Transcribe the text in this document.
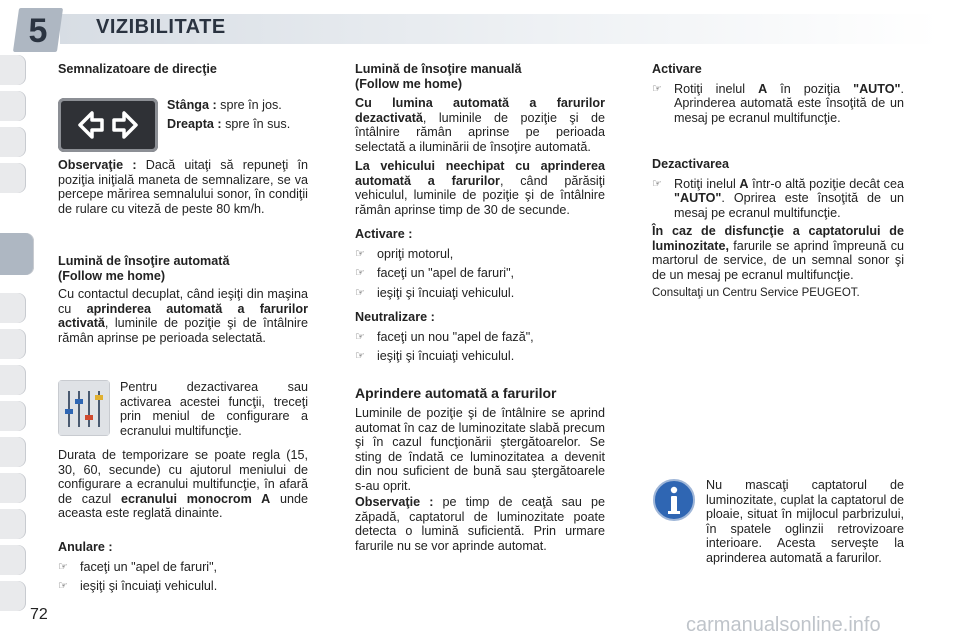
5	VIZIBILITATE

Semnalizatoare de direcţie

Stânga : spre în jos.

Dreapta : spre în sus.

Observaţie : Dacă uitaţi să repuneţi în poziţia iniţială maneta de semnalizare, se va percepe mărirea semnalului sonor, în condiţii de rulare cu viteză de peste 80 km/h.

Lumină de însoţire automată

(Follow me home)

Cu contactul decuplat, când ieşiţi din maşina cu aprinderea automată a farurilor activată, luminile de poziţie şi de întâlnire rămân aprinse pe perioada selectată.

Pentru dezactivarea sau activarea acestei funcţii, treceţi prin meniul de configurare a ecranului multifuncţie.

Durata de temporizare se poate regla (15, 30, 60, secunde) cu ajutorul meniului de configurare a ecranului multifuncţie, în afară de cazul ecranului monocrom A unde aceasta este reglată dinainte.

Anulare :

☞ faceţi un "apel de faruri",

☞ ieşiţi şi încuiaţi vehiculul.

Lumină de însoţire manuală

(Follow me home)

Cu lumina automată a farurilor dezactivată, luminile de poziţie şi de întâlnire rămân aprinse pe perioada selectată a iluminării de însoţire automată.

La vehicului neechipat cu aprinderea automată a farurilor, când părăsiţi vehiculul, luminile de poziţie şi de întâlnire rămân aprinse timp de 30 de secunde.

Activare :

☞ opriţi motorul,

☞ faceţi un "apel de faruri",

☞ ieşiţi şi încuiaţi vehiculul.

Neutralizare :

☞ faceţi un nou "apel de fază",

☞ ieşiţi şi încuiaţi vehiculul.

Aprindere automată a farurilor

Luminile de poziţie şi de întâlnire se aprind automat în caz de luminozitate slabă precum şi în cazul funcţionării ştergătoarelor. Se sting de îndată ce luminozitatea a devenit din nou suficient de bună sau ştergătoarele s-au oprit.

Observaţie : pe timp de ceaţă sau pe zăpadă, captatorul de luminozitate poate detecta o lumină suficientă. Prin urmare farurile nu se vor aprinde automat.

Activare

☞ Rotiţi inelul A în poziţia "AUTO". Aprinderea automată este însoţită de un mesaj pe ecranul multifuncţie.

Dezactivarea

☞ Rotiţi inelul A într-o altă poziţie decât cea "AUTO". Oprirea este însoţită de un mesaj pe ecranul multifuncţie.

În caz de disfuncţie a captatorului de luminozitate, farurile se aprind împreună cu martorul de service, de un semnal sonor şi de un mesaj pe ecranul multifuncţie.

Consultaţi un Centru Service PEUGEOT.

Nu mascaţi captatorul de luminozitate, cuplat la captatorul de ploaie, situat în mijlocul parbrizului, în spatele oglinzii retrovizoare interioare. Acesta serveşte la aprinderea automată a farurilor.

72	carmanualsonline.info
